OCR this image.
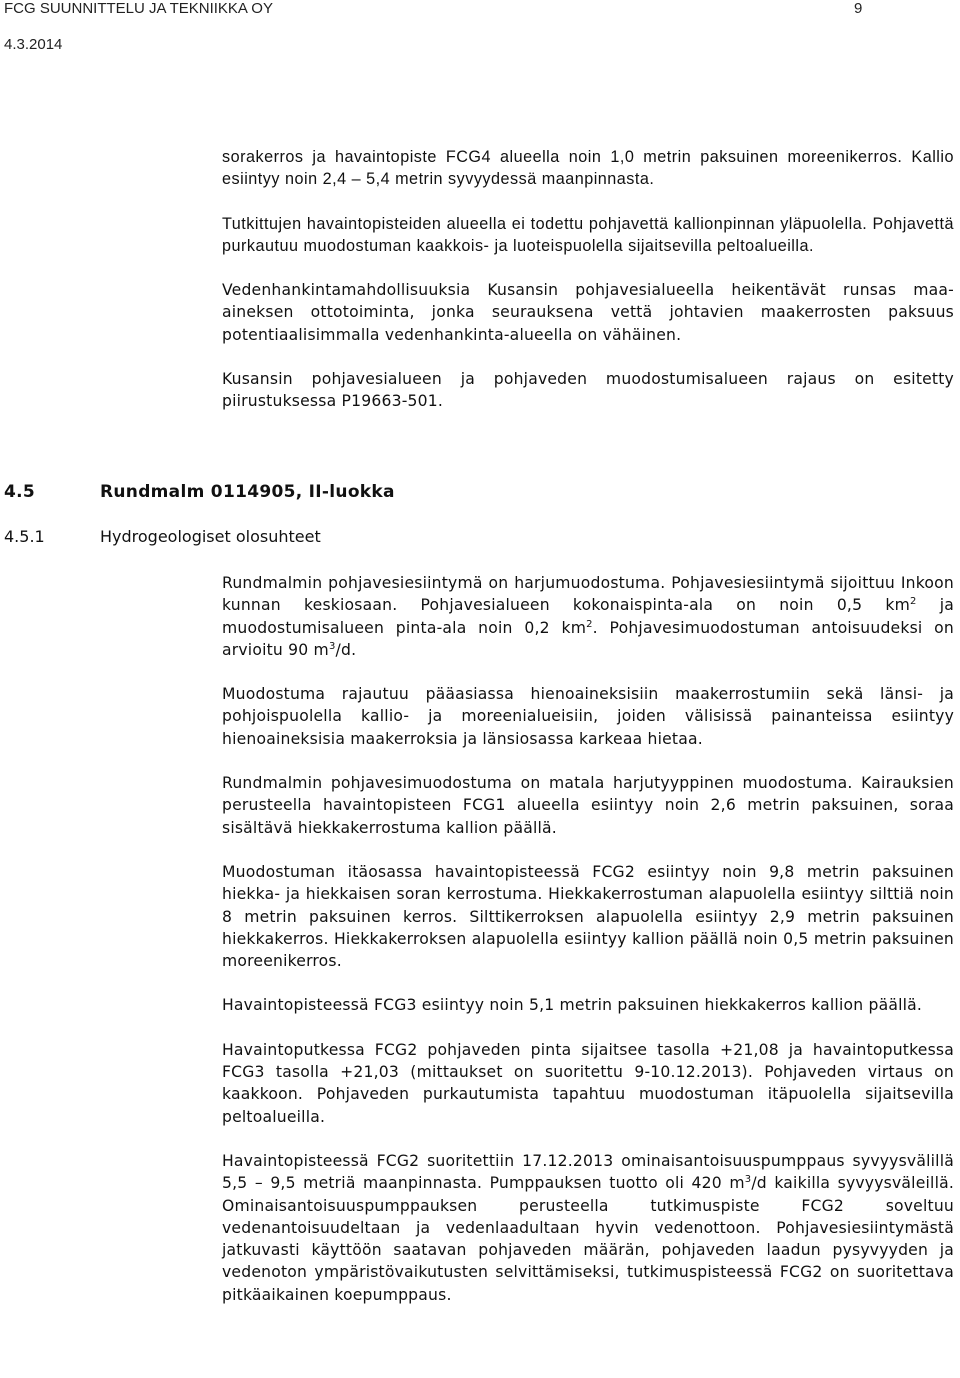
FCG SUUNNITTELU JA TEKNIIKKA OY	9
4.3.2014
4.5	Rundmalm 0114905, II-luokka
4.5.1	Hydrogeologiset olosuhteet

sorakerros ja havaintopiste FCG4 alueella noin 1,0 metrin paksuinen moreenikerros. Kallio esiintyy noin 2,4 – 5,4 metrin syvyydessä maanpinnasta.

Tutkittujen havaintopisteiden alueella ei todettu pohjavettä kallionpinnan yläpuolella. Pohjavettä purkautuu muodostuman kaakkois- ja luoteispuolella sijaitsevilla peltoalueilla.

Vedenhankintamahdollisuuksia Kusansin pohjavesialueella heikentävät runsas maa-aineksen ottotoiminta, jonka seurauksena vettä johtavien maakerrosten paksuus potentiaalisimmalla vedenhankinta-alueella on vähäinen.

Kusansin pohjavesialueen ja pohjaveden muodostumisalueen rajaus on esitetty piirustuksessa P19663-501.

Rundmalmin pohjavesiesiintymä on harjumuodostuma. Pohjavesiesiintymä sijoittuu Inkoon kunnan keskiosaan. Pohjavesialueen kokonaispinta-ala on noin 0,5 $km^2$ ja muodostumisalueen pinta-ala noin 0,2 $km^2$. Pohjavesimuodostuman antoisuudeksi on arvioitu 90 $m^3/d$.

Muodostuma rajautuu pääasiassa hienoaineksisiin maakerrostumiin sekä länsi- ja pohjoispuolella kallio- ja moreenialueisiin, joiden välisissä painanteissa esiintyy hienoaineksisia maakerroksia ja länsiosassa karkeaa hietaa.

Rundmalmin pohjavesimuodostuma on matala harjutyyppinen muodostuma. Kairauksien perusteella havaintopisteen FCG1 alueella esiintyy noin 2,6 metrin paksuinen, soraa sisältävä hiekkakerrostuma kallion päällä.

Muodostuman itäosassa havaintopisteessä FCG2 esiintyy noin 9,8 metrin paksuinen hiekka- ja hiekkaisen soran kerrostuma. Hiekkakerrostuman alapuolella esiintyy silttiä noin 8 metrin paksuinen kerros. Silttikerroksen alapuolella esiintyy 2,9 metrin paksuinen hiekkakerros. Hiekkakerroksen alapuolella esiintyy kallion päällä noin 0,5 metrin paksuinen moreenikerros.

Havaintopisteessä FCG3 esiintyy noin 5,1 metrin paksuinen hiekkakerros kallion päällä.

Havaintoputkessa FCG2 pohjaveden pinta sijaitsee tasolla +21,08 ja havaintoputkessa FCG3 tasolla +21,03 (mittaukset on suoritettu 9-10.12.2013). Pohjaveden virtaus on kaakkoon. Pohjaveden purkautumista tapahtuu muodostuman itäpuolella sijaitsevilla peltoalueilla.

Havaintopisteessä FCG2 suoritettiin 17.12.2013 ominaisantoisuuspumppaus syvyysvälillä 5,5 – 9,5 metriä maanpinnasta. Pumppauksen tuotto oli 420 $m^3/d$ kaikilla syvyysväleillä. Ominaisantoisuuspumppauksen perusteella tutkimuspiste FCG2 soveltuu vedenantoisuudeltaan ja vedenlaadultaan hyvin vedenottoon. Pohjavesiesiintymästä jatkuvasti käyttöön saatavan pohjaveden määrän, pohjaveden laadun pysyvyyden ja vedenoton ympäristövaikutusten selvittämiseksi, tutkimuspisteessä FCG2 on suoritettava pitkäaikainen koepumppaus.
